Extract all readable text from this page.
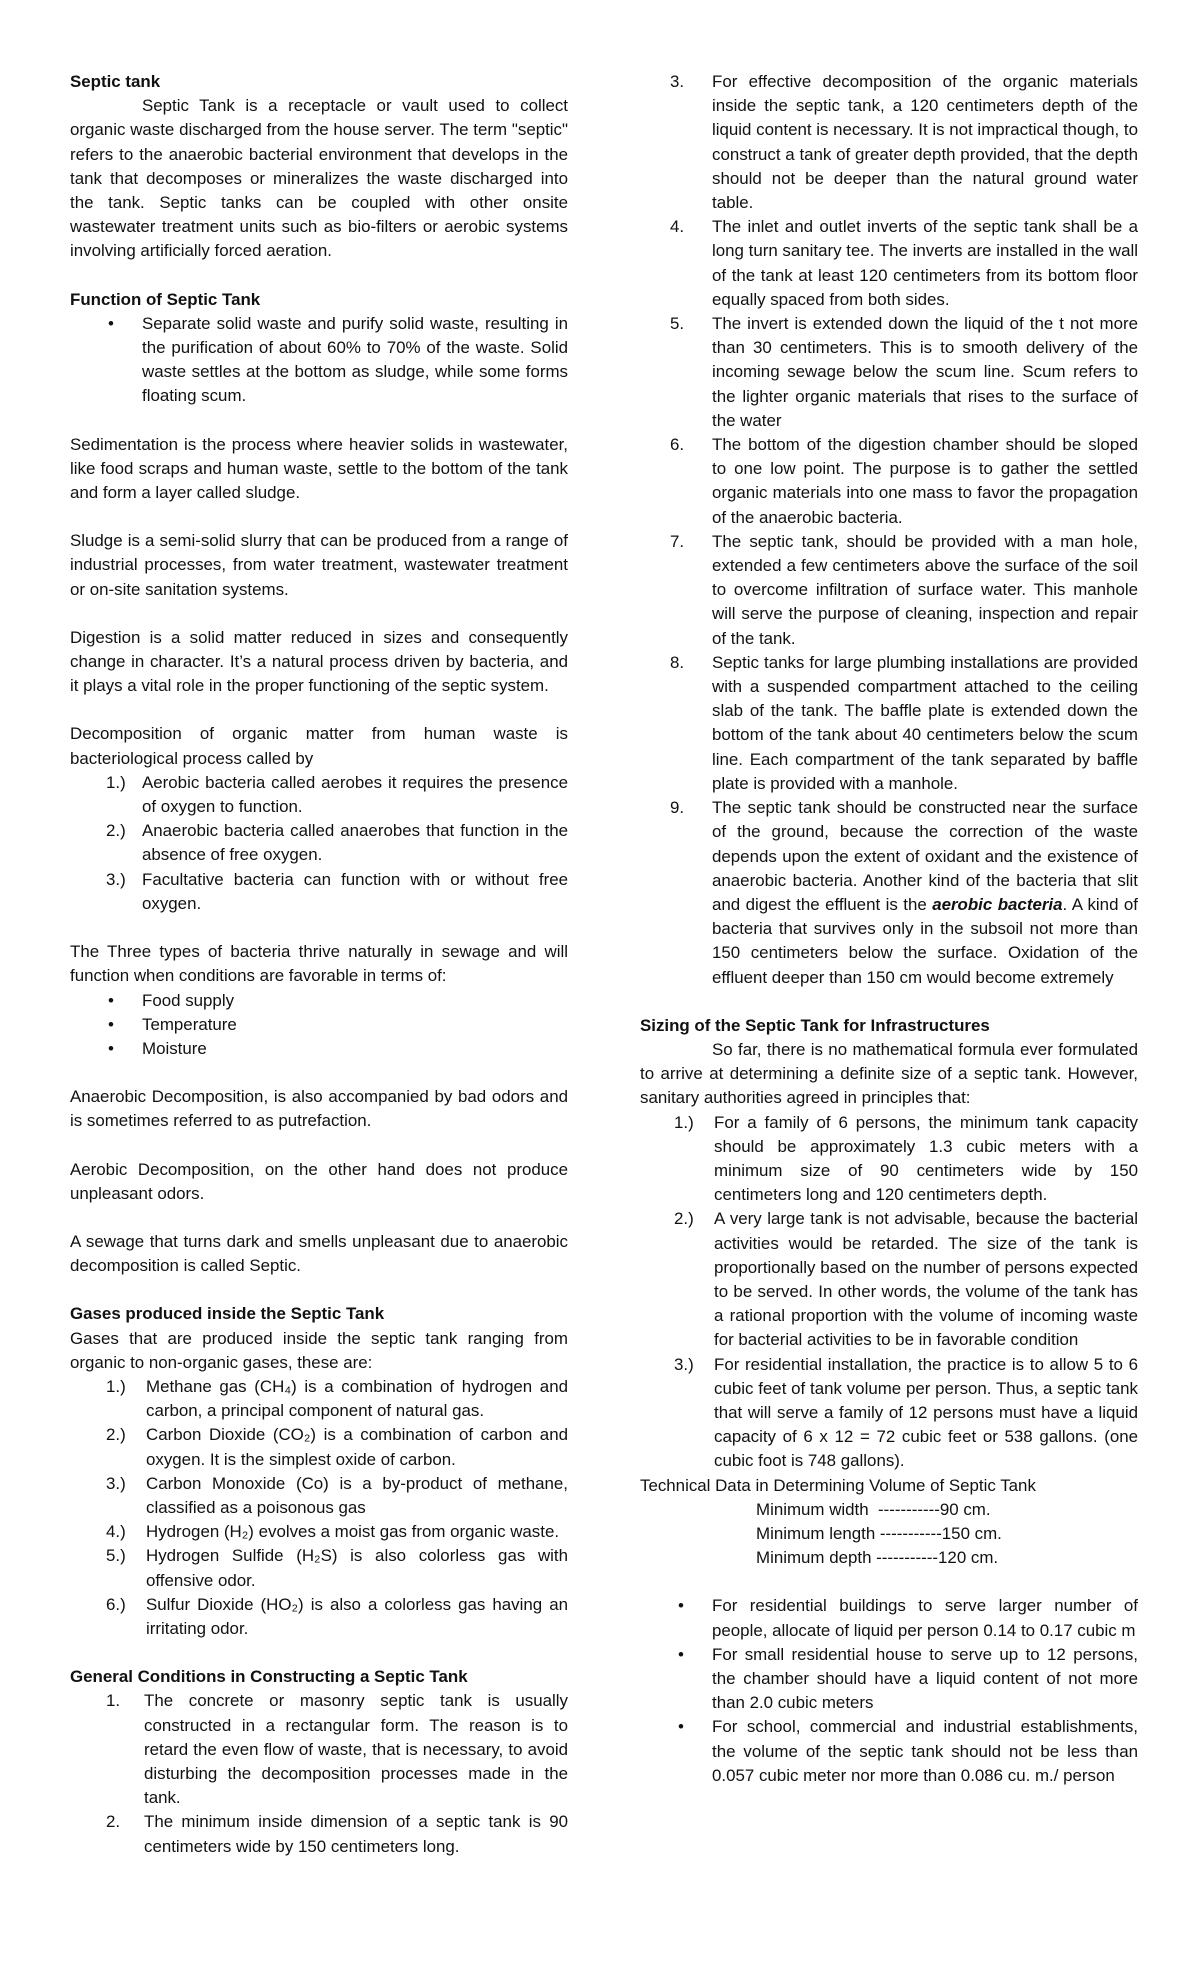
Septic tank

Septic Tank is a receptacle or vault used to collect organic waste discharged from the house server. The term "septic" refers to the anaerobic bacterial environment that develops in the tank that decomposes or mineralizes the waste discharged into the tank. Septic tanks can be coupled with other onsite wastewater treatment units such as bio-filters or aerobic systems involving artificially forced aeration.

Function of Septic Tank

• Separate solid waste and purify solid waste, resulting in the purification of about 60% to 70% of the waste. Solid waste settles at the bottom as sludge, while some forms floating scum.

Sedimentation is the process where heavier solids in wastewater, like food scraps and human waste, settle to the bottom of the tank and form a layer called sludge.

Sludge is a semi-solid slurry that can be produced from a range of industrial processes, from water treatment, wastewater treatment or on-site sanitation systems.

Digestion is a solid matter reduced in sizes and consequently change in character. It’s a natural process driven by bacteria, and it plays a vital role in the proper functioning of the septic system.

Decomposition of organic matter from human waste is bacteriological process called by

1.) Aerobic bacteria called aerobes it requires the presence of oxygen to function.
2.) Anaerobic bacteria called anaerobes that function in the absence of free oxygen.
3.) Facultative bacteria can function with or without free oxygen.

The Three types of bacteria thrive naturally in sewage and will function when conditions are favorable in terms of:

• Food supply
• Temperature
• Moisture

Anaerobic Decomposition, is also accompanied by bad odors and is sometimes referred to as putrefaction.

Aerobic Decomposition, on the other hand does not produce unpleasant odors.

A sewage that turns dark and smells unpleasant due to anaerobic decomposition is called Septic.

Gases produced inside the Septic Tank

Gases that are produced inside the septic tank ranging from organic to non-organic gases, these are:

1.) Methane gas (CH₄) is a combination of hydrogen and carbon, a principal component of natural gas.
2.) Carbon Dioxide (CO₂) is a combination of carbon and oxygen. It is the simplest oxide of carbon.
3.) Carbon Monoxide (Co) is a by-product of methane, classified as a poisonous gas
4.) Hydrogen (H₂) evolves a moist gas from organic waste.
5.) Hydrogen Sulfide (H₂S) is also colorless gas with offensive odor.
6.) Sulfur Dioxide (HO₂) is also a colorless gas having an irritating odor.

General Conditions in Constructing a Septic Tank

1. The concrete or masonry septic tank is usually constructed in a rectangular form. The reason is to retard the even flow of waste, that is necessary, to avoid disturbing the decomposition processes made in the tank.
2. The minimum inside dimension of a septic tank is 90 centimeters wide by 150 centimeters long.
3. For effective decomposition of the organic materials inside the septic tank, a 120 centimeters depth of the liquid content is necessary. It is not impractical though, to construct a tank of greater depth provided, that the depth should not be deeper than the natural ground water table.
4. The inlet and outlet inverts of the septic tank shall be a long turn sanitary tee. The inverts are installed in the wall of the tank at least 120 centimeters from its bottom floor equally spaced from both sides.
5. The invert is extended down the liquid of the t not more than 30 centimeters. This is to smooth delivery of the incoming sewage below the scum line. Scum refers to the lighter organic materials that rises to the surface of the water
6. The bottom of the digestion chamber should be sloped to one low point. The purpose is to gather the settled organic materials into one mass to favor the propagation of the anaerobic bacteria.
7. The septic tank, should be provided with a man hole, extended a few centimeters above the surface of the soil to overcome infiltration of surface water. This manhole will serve the purpose of cleaning, inspection and repair of the tank.
8. Septic tanks for large plumbing installations are provided with a suspended compartment attached to the ceiling slab of the tank. The baffle plate is extended down the bottom of the tank about 40 centimeters below the scum line. Each compartment of the tank separated by baffle plate is provided with a manhole.
9. The septic tank should be constructed near the surface of the ground, because the correction of the waste depends upon the extent of oxidant and the existence of anaerobic bacteria. Another kind of the bacteria that slit and digest the effluent is the aerobic bacteria. A kind of bacteria that survives only in the subsoil not more than 150 centimeters below the surface. Oxidation of the effluent deeper than 150 cm would become extremely

Sizing of the Septic Tank for Infrastructures

So far, there is no mathematical formula ever formulated to arrive at determining a definite size of a septic tank. However, sanitary authorities agreed in principles that:

1.) For a family of 6 persons, the minimum tank capacity should be approximately 1.3 cubic meters with a minimum size of 90 centimeters wide by 150 centimeters long and 120 centimeters depth.
2.) A very large tank is not advisable, because the bacterial activities would be retarded. The size of the tank is proportionally based on the number of persons expected to be served. In other words, the volume of the tank has a rational proportion with the volume of incoming waste for bacterial activities to be in favorable condition
3.) For residential installation, the practice is to allow 5 to 6 cubic feet of tank volume per person. Thus, a septic tank that will serve a family of 12 persons must have a liquid capacity of 6 x 12 = 72 cubic feet or 538 gallons. (one cubic foot is 748 gallons).

Technical Data in Determining Volume of Septic Tank

Minimum width  -----------90 cm.
Minimum length -----------150 cm.
Minimum depth -----------120 cm.
• For residential buildings to serve larger number of people, allocate of liquid per person 0.14 to 0.17 cubic m
• For small residential house to serve up to 12 persons, the chamber should have a liquid content of not more than 2.0 cubic meters
• For school, commercial and industrial establishments, the volume of the septic tank should not be less than 0.057 cubic meter nor more than 0.086 cu. m./ person
